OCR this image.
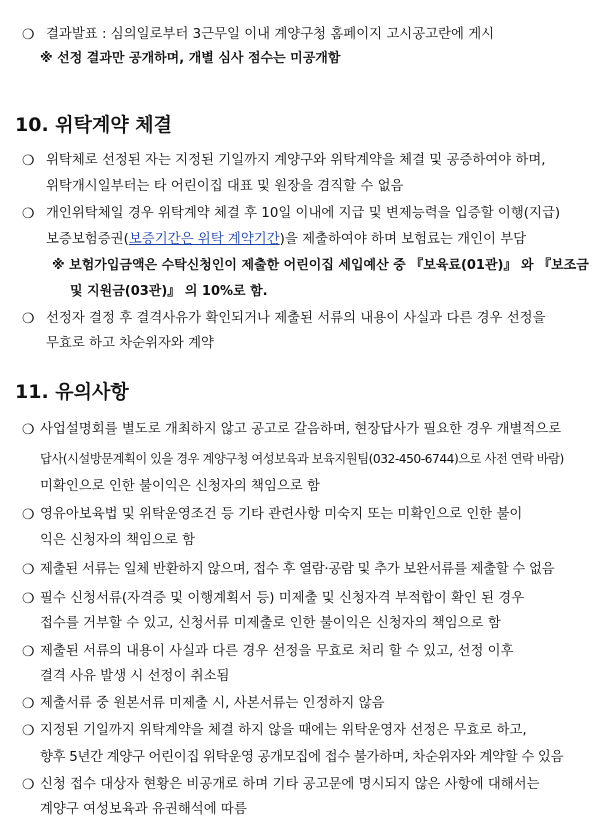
❍ 결과발표 : 심의일로부터 3근무일 이내 계양구청 홈페이지 고시공고란에 게시
※ 선정 결과만 공개하며, 개별 심사 점수는 미공개함
10. 위탁계약 체결
❍ 위탁체로 선정된 자는 지정된 기일까지 계양구와 위탁계약을 체결 및 공증하여야 하며,
위탁개시일부터는 타 어린이집 대표 및 원장을 겸직할 수 없음
❍ 개인위탁체일 경우 위탁계약 체결 후 10일 이내에 지급 및 변제능력을 입증할 이행(지급)
보증보험증권(보증기간은 위탁 계약기간)을 제출하여야 하며 보험료는 개인이 부담
※ 보험가입금액은 수탁신청인이 제출한 어린이집 세입예산 중 『보육료(01관)』 와 『보조금
및 지원금(03관)』 의 10%로 함.
❍ 선정자 결정 후 결격사유가 확인되거나 제출된 서류의 내용이 사실과 다른 경우 선정을
무효로 하고 차순위자와 계약
11. 유의사항
❍ 사업설명회를 별도로 개최하지 않고 공고로 갈음하며, 현장답사가 필요한 경우 개별적으로
답사(시설방문계획이 있을 경우 계양구청 여성보육과 보육지원팀(032-450-6744)으로 사전 연락 바람)
미확인으로 인한 불이익은 신청자의 책임으로 함
❍ 영유아보육법 및 위탁운영조건 등 기타 관련사항 미숙지 또는 미확인으로 인한 불이
익은 신청자의 책임으로 함
❍ 제출된 서류는 일체 반환하지 않으며, 접수 후 열람·공람 및 추가 보완서류를 제출할 수 없음
❍ 필수 신청서류(자격증 및 이행계획서 등) 미제출 및 신청자격 부적합이 확인 된 경우
접수를 거부할 수 있고, 신청서류 미제출로 인한 불이익은 신청자의 책임으로 함
❍ 제출된 서류의 내용이 사실과 다른 경우 선정을 무효로 처리 할 수 있고, 선정 이후
결격 사유 발생 시 선정이 취소됨
❍ 제출서류 중 원본서류 미제출 시, 사본서류는 인정하지 않음
❍ 지정된 기일까지 위탁계약을 체결 하지 않을 때에는 위탁운영자 선정은 무효로 하고,
향후 5년간 계양구 어린이집 위탁운영 공개모집에 접수 불가하며, 차순위자와 계약할 수 있음
❍ 신청 접수 대상자 현황은 비공개로 하며 기타 공고문에 명시되지 않은 사항에 대해서는
계양구 여성보육과 유권해석에 따름
